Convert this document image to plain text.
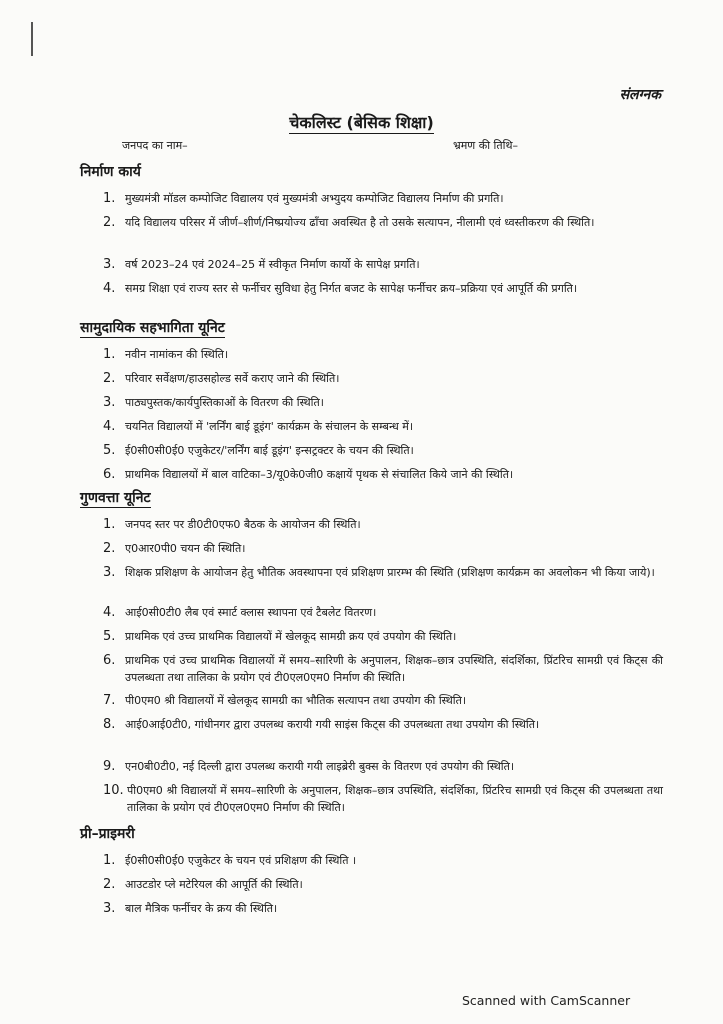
संलग्नक
चेकलिस्ट (बेसिक शिक्षा)
जनपद का नाम–	भ्रमण की तिथि–
निर्माण कार्य
1. मुख्यमंत्री मॉडल कम्पोजिट विद्यालय एवं मुख्यमंत्री अभ्युदय कम्पोजिट विद्यालय निर्माण की प्रगति।
2. यदि विद्यालय परिसर में जीर्ण–शीर्ण/निष्प्रयोज्य ढाँचा अवस्थित है तो उसके सत्यापन, नीलामी एवं ध्वस्तीकरण की स्थिति।
3. वर्ष 2023–24 एवं 2024–25 में स्वीकृत निर्माण कार्यो के सापेक्ष प्रगति।
4. समग्र शिक्षा एवं राज्य स्तर से फर्नीचर सुविधा हेतु निर्गत बजट के सापेक्ष फर्नीचर क्रय–प्रक्रिया एवं आपूर्ति की प्रगति।
सामुदायिक सहभागिता यूनिट
1. नवीन नामांकन की स्थिति।
2. परिवार सर्वेक्षण/हाउसहोल्ड सर्वे कराए जाने की स्थिति।
3. पाठ्यपुस्तक/कार्यपुस्तिकाओं के वितरण की स्थिति।
4. चयनित विद्यालयों में 'लर्निंग बाई डूइंग' कार्यक्रम के संचालन के सम्बन्ध में।
5. ई0सी0सी0ई0 एजुकेटर/'लर्निंग बाई डूइंग' इन्सट्रक्टर के चयन की स्थिति।
6. प्राथमिक विद्यालयों में बाल वाटिका–3/यू0के0जी0 कक्षायें पृथक से संचालित किये जाने की स्थिति।
गुणवत्ता यूनिट
1. जनपद स्तर पर डी0टी0एफ0 बैठक के आयोजन की स्थिति।
2. ए0आर0पी0 चयन की स्थिति।
3. शिक्षक प्रशिक्षण के आयोजन हेतु भौतिक अवस्थापना एवं प्रशिक्षण प्रारम्भ की स्थिति (प्रशिक्षण कार्यक्रम का अवलोकन भी किया जाये)।
4. आई0सी0टी0 लैब एवं स्मार्ट क्लास स्थापना एवं टैबलेट वितरण।
5. प्राथमिक एवं उच्च प्राथमिक विद्यालयों में खेलकूद सामग्री क्रय एवं उपयोग की स्थिति।
6. प्राथमिक एवं उच्च प्राथमिक विद्यालयों में समय–सारिणी के अनुपालन, शिक्षक–छात्र उपस्थिति, संदर्शिका, प्रिंटरिच सामग्री एवं किट्स की उपलब्धता तथा तालिका के प्रयोग एवं टी0एल0एम0 निर्माण की स्थिति।
7. पी0एम0 श्री विद्यालयों में खेलकूद सामग्री का भौतिक सत्यापन तथा उपयोग की स्थिति।
8. आई0आई0टी0, गांधीनगर द्वारा उपलब्ध करायी गयी साइंस किट्स की उपलब्धता तथा उपयोग की स्थिति।
9. एन0बी0टी0, नई दिल्ली द्वारा उपलब्ध करायी गयी लाइब्रेरी बुक्स के वितरण एवं उपयोग की स्थिति।
10. पी0एम0 श्री विद्यालयों में समय–सारिणी के अनुपालन, शिक्षक–छात्र उपस्थिति, संदर्शिका, प्रिंटरिच सामग्री एवं किट्स की उपलब्धता तथा तालिका के प्रयोग एवं टी0एल0एम0 निर्माण की स्थिति।
प्री–प्राइमरी
1. ई0सी0सी0ई0 एजुकेटर के चयन एवं प्रशिक्षण की स्थिति ।
2. आउटडोर प्ले मटेरियल की आपूर्ति की स्थिति।
3. बाल मैत्रिक फर्नीचर के क्रय की स्थिति।
Scanned with CamScanner
